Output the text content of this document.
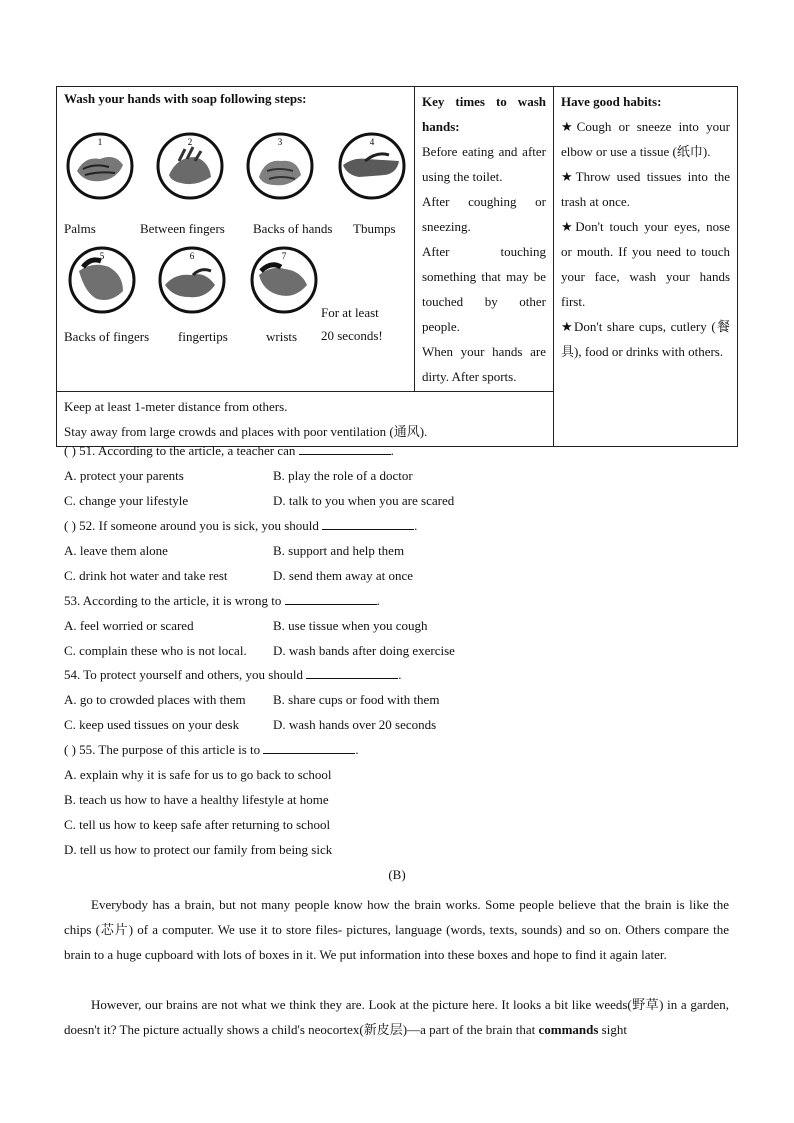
Wash your hands with soap following steps:
1	2	3	4
Palms	Between fingers Backs of hands Tbumps
5	6	7
For at least
20 seconds!
Backs of fingers fingertips	wrists

Key times to wash hands:
Before eating and after using the toilet.
After coughing or sneezing.
After touching something that may be touched by other people.
When your hands are dirty. After sports.

Have good habits:
★Cough or sneeze into your elbow or use a tissue (纸巾).
★Throw used tissues into the trash at once.
★Don't touch your eyes, nose or mouth. If you need to touch your face, wash your hands first.
★Don't share cups, cutlery (餐具), food or drinks with others.

Keep at least 1-meter distance from others.
Stay away from large crowds and places with poor ventilation (通风).
( ) 51. According to the article, a teacher can	.
A. protect your parents	B. play the role of a doctor
C. change your lifestyle	D. talk to you when you are scared
( ) 52. If someone around you is sick, you should	.
A. leave them alone	B. support and help them
C. drink hot water and take rest	D. send them away at once
53. According to the article, it is wrong to	.
A. feel worried or scared	B. use tissue when you cough
C. complain these who is not local. D. wash bands after doing exercise
54. To protect yourself and others, you should	.
A. go to crowded places with them B. share cups or food with them
C. keep used tissues on your desk	D. wash hands over 20 seconds
( ) 55. The purpose of this article is to	.
A. explain why it is safe for us to go back to school
B. teach us how to have a healthy lifestyle at home
C. tell us how to keep safe after returning to school
D. tell us how to protect our family from being sick
(B)
Everybody has a brain, but not many people know how the brain works. Some people believe that the brain is like the chips (芯片) of a computer. We use it to store files- pictures, language (words, texts, sounds) and so on. Others compare the brain to a huge cupboard with lots of boxes in it. We put information into these boxes and hope to find it again later.
However, our brains are not what we think they are. Look at the picture here. It looks a bit like weeds(野草) in a garden, doesn't it? The picture actually shows a child's neocortex(新皮层)—a part of the brain that commands sight
